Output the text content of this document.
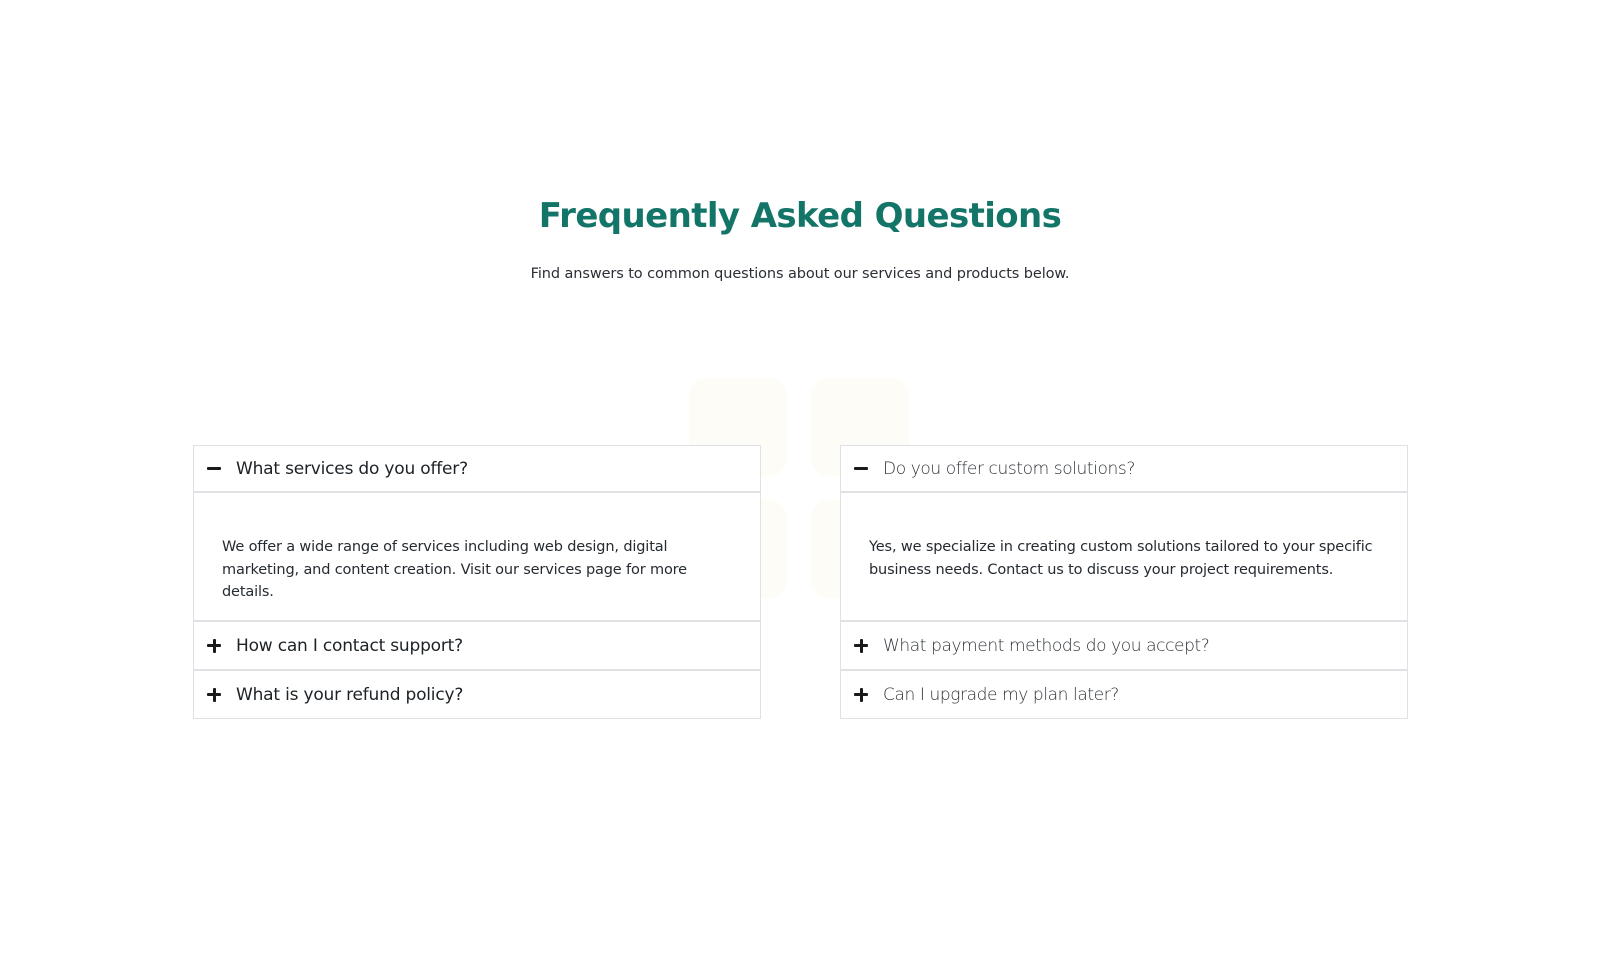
Frequently Asked Questions

Find answers to common questions about our services and products below.

What services do you offer?
We offer a wide range of services including web design, digital marketing, and content creation. Visit our services page for more details.
How can I contact support?
What is your refund policy?
Do you offer custom solutions?
Yes, we specialize in creating custom solutions tailored to your specific business needs. Contact us to discuss your project requirements.
What payment methods do you accept?
Can I upgrade my plan later?
